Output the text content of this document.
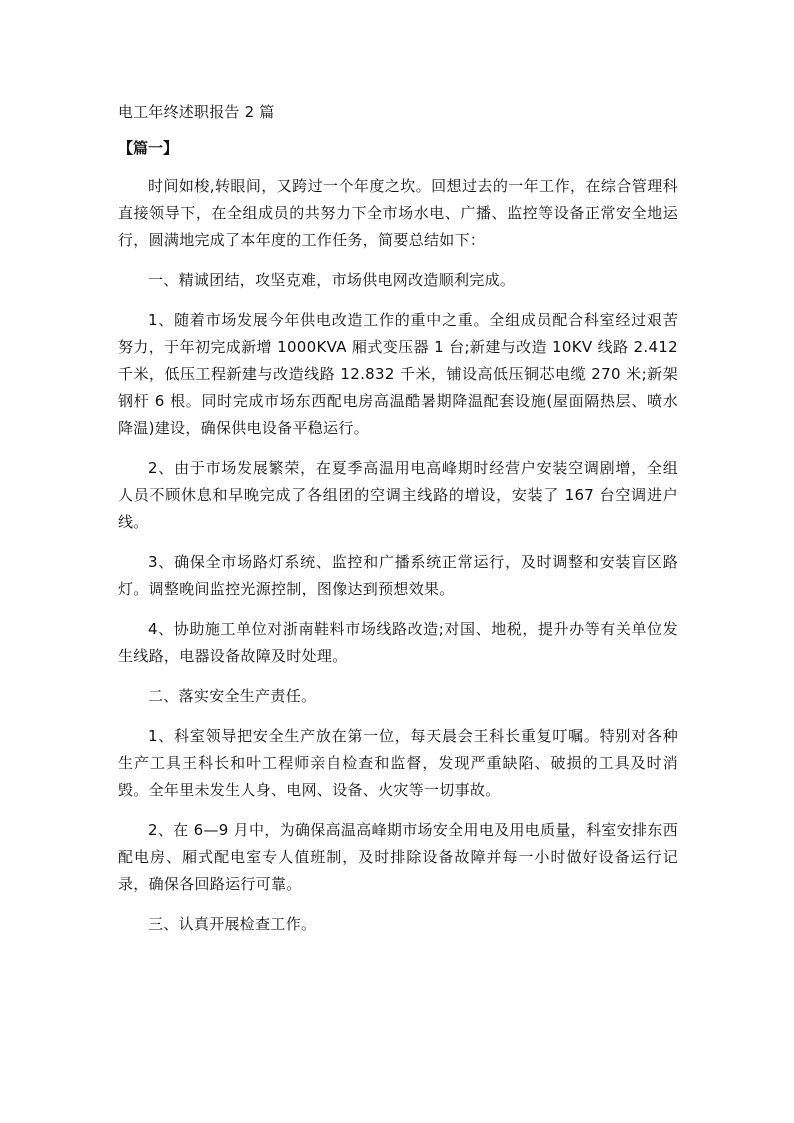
电工年终述职报告 2 篇
【篇一】

时间如梭,转眼间，又跨过一个年度之坎。回想过去的一年工作，在综合管理科直接领导下，在全组成员的共努力下全市场水电、广播、监控等设备正常安全地运行，圆满地完成了本年度的工作任务，简要总结如下：

一、精诚团结，攻坚克难，市场供电网改造顺利完成。

1、随着市场发展今年供电改造工作的重中之重。全组成员配合科室经过艰苦努力，于年初完成新增 1000KVA 厢式变压器 1 台;新建与改造 10KV 线路 2.412 千米，低压工程新建与改造线路 12.832 千米，铺设高低压铜芯电缆 270 米;新架钢杆 6 根。同时完成市场东西配电房高温酷暑期降温配套设施(屋面隔热层、喷水降温)建设，确保供电设备平稳运行。

2、由于市场发展繁荣，在夏季高温用电高峰期时经营户安装空调剧增，全组人员不顾休息和早晚完成了各组团的空调主线路的增设，安装了 167 台空调进户线。

3、确保全市场路灯系统、监控和广播系统正常运行，及时调整和安装盲区路灯。调整晚间监控光源控制，图像达到预想效果。

4、协助施工单位对浙南鞋料市场线路改造;对国、地税，提升办等有关单位发生线路，电器设备故障及时处理。

二、落实安全生产责任。

1、科室领导把安全生产放在第一位，每天晨会王科长重复叮嘱。特别对各种生产工具王科长和叶工程师亲自检查和监督，发现严重缺陷、破损的工具及时消毁。全年里未发生人身、电网、设备、火灾等一切事故。

2、在 6—9 月中，为确保高温高峰期市场安全用电及用电质量，科室安排东西配电房、厢式配电室专人值班制，及时排除设备故障并每一小时做好设备运行记录，确保各回路运行可靠。

三、认真开展检查工作。
